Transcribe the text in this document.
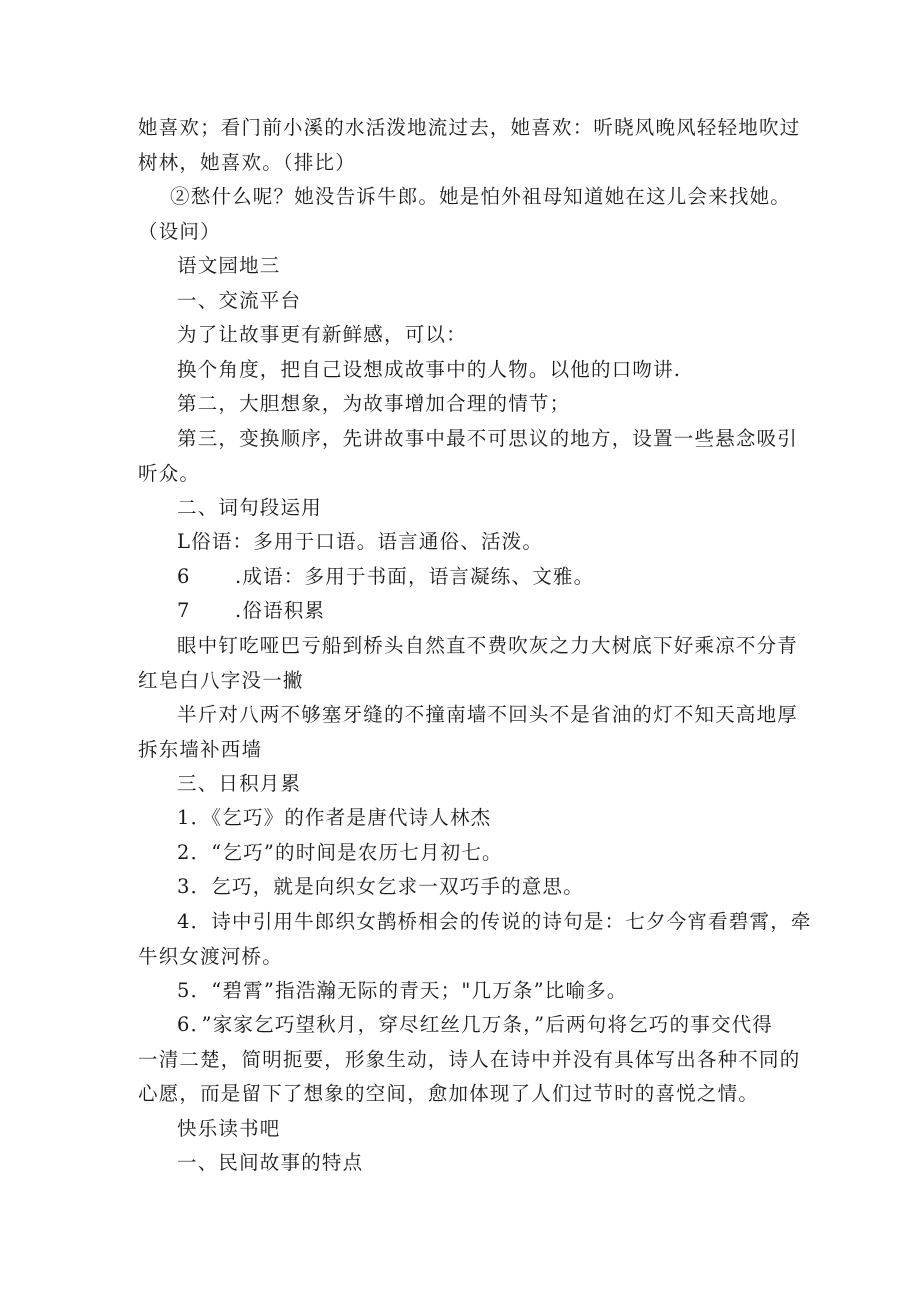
她喜欢；看门前小溪的水活泼地流过去，她喜欢：听晓风晚风轻轻地吹过
树林，她喜欢。（排比）

②愁什么呢？她没告诉牛郎。她是怕外祖母知道她在这儿会来找她。
（设问）

语文园地三

一、交流平台

为了让故事更有新鲜感，可以：

换个角度，把自己设想成故事中的人物。以他的口吻讲.

第二，大胆想象，为故事增加合理的情节；

第三，变换顺序，先讲故事中最不可思议的地方，设置一些悬念吸引
听众。

二、词句段运用

L俗语：多用于口语。语言通俗、活泼。

6 .成语：多用于书面，语言凝练、文雅。

7 .俗语积累

眼中钉吃哑巴亏船到桥头自然直不费吹灰之力大树底下好乘凉不分青
红皂白八字没一撇

半斤对八两不够塞牙缝的不撞南墙不回头不是省油的灯不知天高地厚
拆东墙补西墙

三、日积月累

1．《乞巧》的作者是唐代诗人林杰

2．“乞巧”的时间是农历七月初七。

3．乞巧，就是向织女乞求一双巧手的意思。

4．诗中引用牛郎织女鹊桥相会的传说的诗句是：七夕今宵看碧霄，牵
牛织女渡河桥。

5．“碧霄”指浩瀚无际的青天；"几万条”比喻多。

6．”家家乞巧望秋月，穿尽红丝几万条，”后两句将乞巧的事交代得
一清二楚，简明扼要，形象生动，诗人在诗中并没有具体写出各种不同的
心愿，而是留下了想象的空间，愈加体现了人们过节时的喜悦之情。

快乐读书吧

一、民间故事的特点
